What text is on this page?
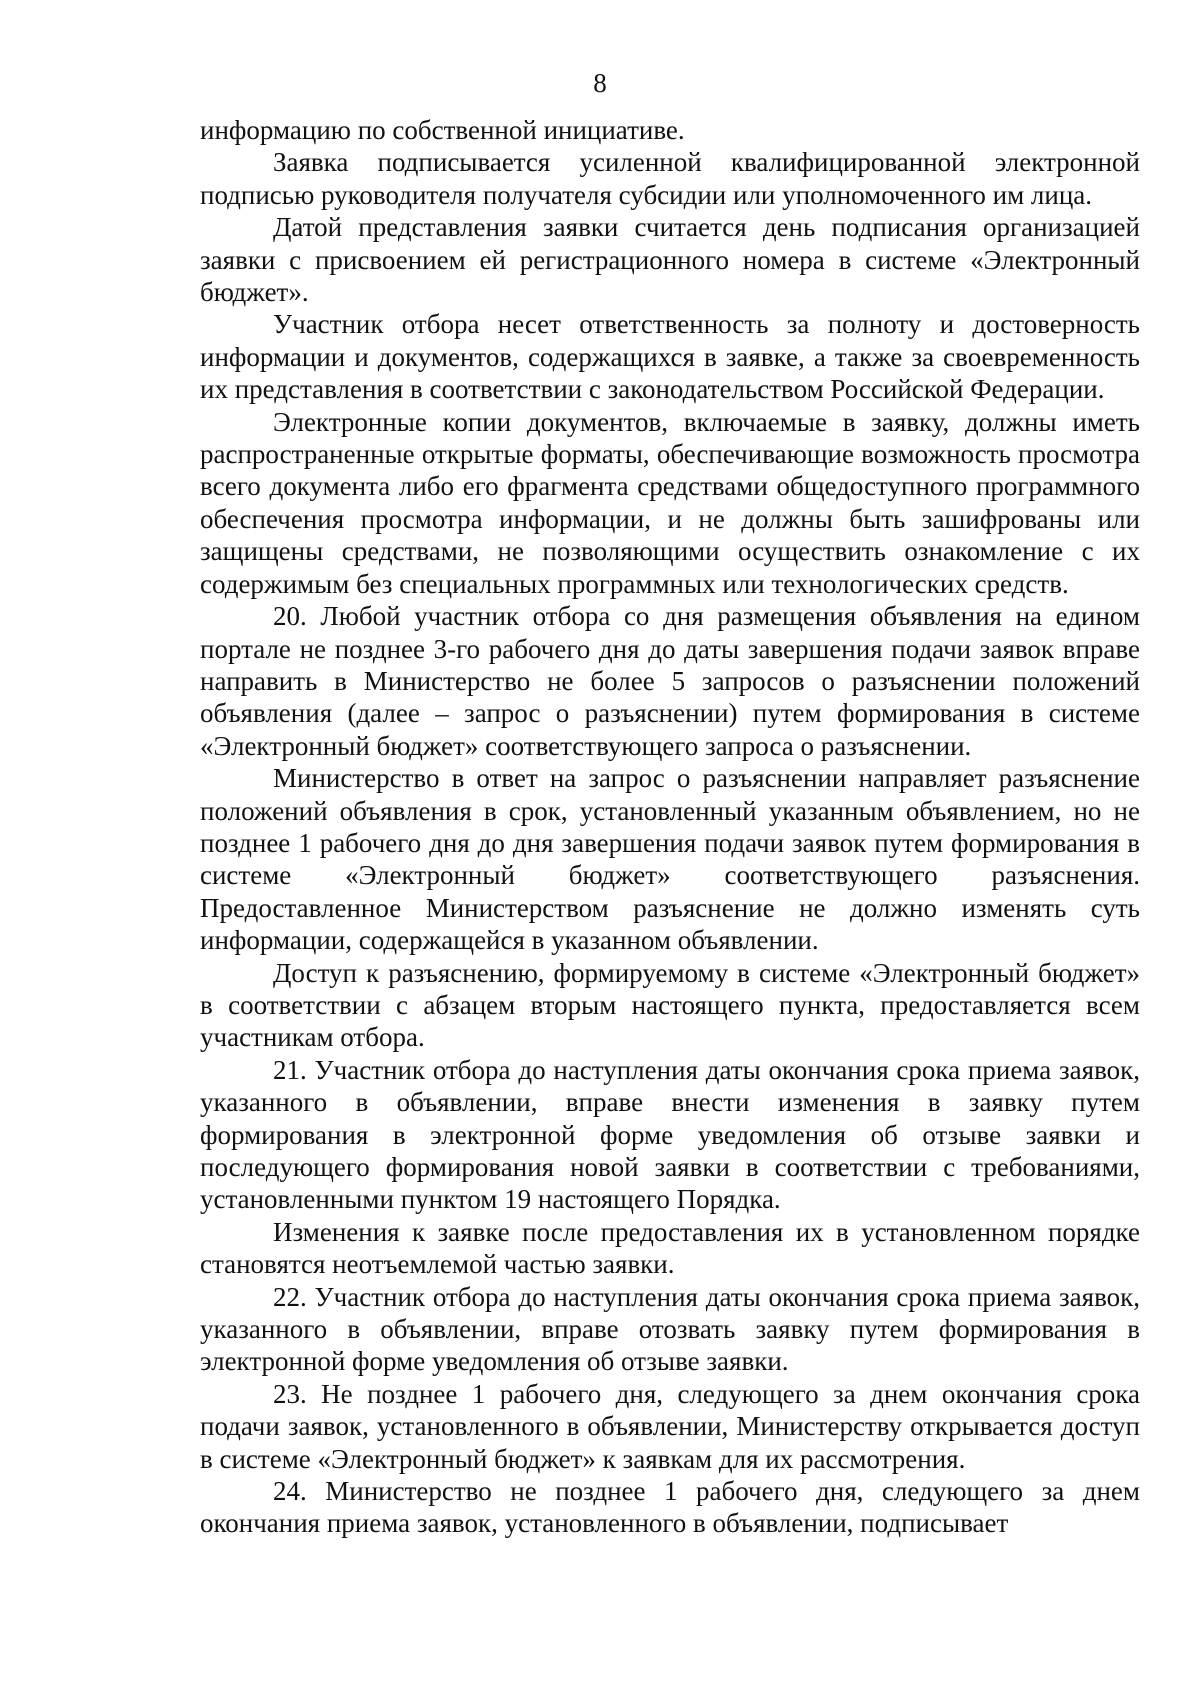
8

информацию по собственной инициативе.

Заявка подписывается усиленной квалифицированной электронной подписью руководителя получателя субсидии или уполномоченного им лица.

Датой представления заявки считается день подписания организацией заявки с присвоением ей регистрационного номера в системе «Электронный бюджет».

Участник отбора несет ответственность за полноту и достоверность информации и документов, содержащихся в заявке, а также за своевременность их представления в соответствии с законодательством Российской Федерации.

Электронные копии документов, включаемые в заявку, должны иметь распространенные открытые форматы, обеспечивающие возможность просмотра всего документа либо его фрагмента средствами общедоступного программного обеспечения просмотра информации, и не должны быть зашифрованы или защищены средствами, не позволяющими осуществить ознакомление с их содержимым без специальных программных или технологических средств.

20. Любой участник отбора со дня размещения объявления на едином портале не позднее 3-го рабочего дня до даты завершения подачи заявок вправе направить в Министерство не более 5 запросов о разъяснении положений объявления (далее – запрос о разъяснении) путем формирования в системе «Электронный бюджет» соответствующего запроса о разъяснении.

Министерство в ответ на запрос о разъяснении направляет разъяснение положений объявления в срок, установленный указанным объявлением, но не позднее 1 рабочего дня до дня завершения подачи заявок путем формирования в системе «Электронный бюджет» соответствующего разъяснения. Предоставленное Министерством разъяснение не должно изменять суть информации, содержащейся в указанном объявлении.

Доступ к разъяснению, формируемому в системе «Электронный бюджет» в соответствии с абзацем вторым настоящего пункта, предоставляется всем участникам отбора.

21. Участник отбора до наступления даты окончания срока приема заявок, указанного в объявлении, вправе внести изменения в заявку путем формирования в электронной форме уведомления об отзыве заявки и последующего формирования новой заявки в соответствии с требованиями, установленными пунктом 19 настоящего Порядка.

Изменения к заявке после предоставления их в установленном порядке становятся неотъемлемой частью заявки.

22. Участник отбора до наступления даты окончания срока приема заявок, указанного в объявлении, вправе отозвать заявку путем формирования в электронной форме уведомления об отзыве заявки.

23. Не позднее 1 рабочего дня, следующего за днем окончания срока подачи заявок, установленного в объявлении, Министерству открывается доступ в системе «Электронный бюджет» к заявкам для их рассмотрения.

24. Министерство не позднее 1 рабочего дня, следующего за днем окончания приема заявок, установленного в объявлении, подписывает
